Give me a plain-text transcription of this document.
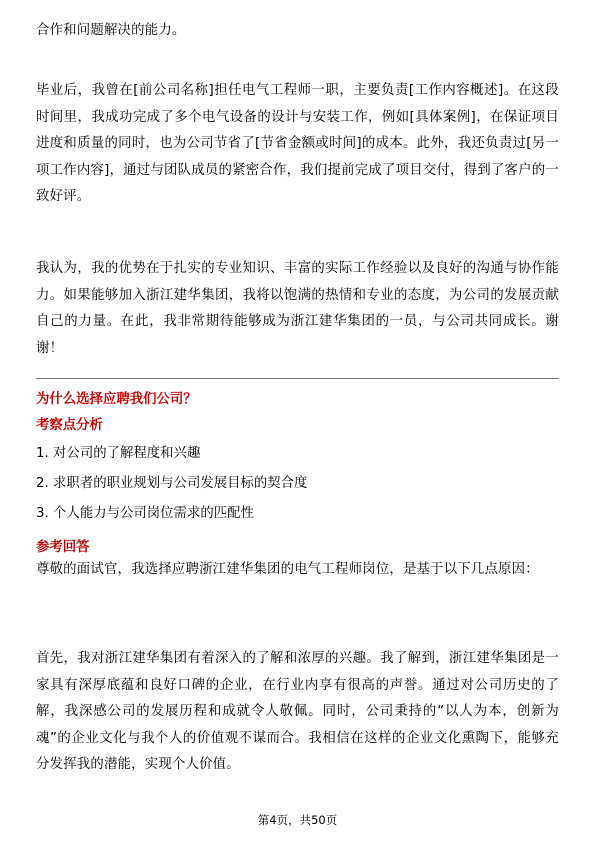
合作和问题解决的能力。

毕业后，我曾在[前公司名称]担任电气工程师一职，主要负责[工作内容概述]。在这段时间里，我成功完成了多个电气设备的设计与安装工作，例如[具体案例]，在保证项目进度和质量的同时，也为公司节省了[节省金额或时间]的成本。此外，我还负责过[另一项工作内容]，通过与团队成员的紧密合作，我们提前完成了项目交付，得到了客户的一致好评。

我认为，我的优势在于扎实的专业知识、丰富的实际工作经验以及良好的沟通与协作能力。如果能够加入浙江建华集团，我将以饱满的热情和专业的态度，为公司的发展贡献自己的力量。在此，我非常期待能够成为浙江建华集团的一员，与公司共同成长。谢谢！

为什么选择应聘我们公司？

考察点分析

1. 对公司的了解程度和兴趣

2. 求职者的职业规划与公司发展目标的契合度

3. 个人能力与公司岗位需求的匹配性

参考回答

尊敬的面试官，我选择应聘浙江建华集团的电气工程师岗位，是基于以下几点原因：

首先，我对浙江建华集团有着深入的了解和浓厚的兴趣。我了解到，浙江建华集团是一家具有深厚底蕴和良好口碑的企业，在行业内享有很高的声誉。通过对公司历史的了解，我深感公司的发展历程和成就令人敬佩。同时，公司秉持的“以人为本，创新为魂”的企业文化与我个人的价值观不谋而合。我相信在这样的企业文化熏陶下，能够充分发挥我的潜能，实现个人价值。

第4页，共50页
